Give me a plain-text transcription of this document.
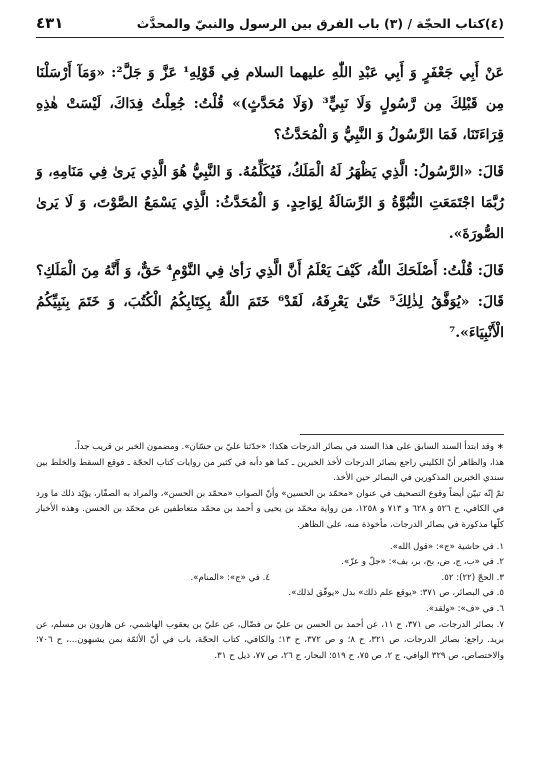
(٤)كتاب الحجّة / (٣) باب الفرق بين الرسول والنبيّ والمحدَّث
٤٣١

عَنْ أَبِي جَعْفَرٍ وَ أَبِي عَبْدِ اللّٰهِ عليهما السلام فِي قَوْلِهِ¹ عَزَّ وَ جَلَّ²: «وَمَآ أَرْسَلْنَا مِن قَبْلِكَ مِن رَّسُولٍ وَلَا نَبِيٍّ³ (وَلَا مُحَدَّثٍ)» قُلْتُ: جُعِلْتُ فِدَاكَ، لَيْسَتْ هٰذِهِ قِرَاءَتَنَا، فَمَا الرَّسُولُ وَ النَّبِيُّ وَ الْمُحَدَّثُ؟

قَالَ: «الرَّسُولُ: الَّذِي يَظْهَرُ لَهُ الْمَلَكُ، فَيُكَلِّمُهُ. وَ النَّبِيُّ هُوَ الَّذِي يَرىٰ فِي مَنَامِهِ، وَ رُبَّمَا اجْتَمَعَتِ النُّبُوَّةُ وَ الرِّسَالَةُ لِوَاحِدٍ. وَ الْمُحَدَّثُ: الَّذِي يَسْمَعُ الصَّوْتَ، وَ لَا يَرىٰ الصُّورَةَ».

قَالَ: قُلْتُ: أَصْلَحَكَ اللّٰهُ، كَيْفَ يَعْلَمُ أَنَّ الَّذِي رَأىٰ فِي النَّوْمِ⁴ حَقٌّ، وَ أَنَّهُ مِنَ الْمَلَكِ؟ قَالَ: «يُوَفَّقُ لِذٰلِكَ⁵ حَتّىٰ يَعْرِفَهُ، لَقَدْ⁶ خَتَمَ اللّٰهُ بِكِتَابِكُمُ الْكُتُبَ، وَ خَتَمَ بِنَبِيِّكُمُ الْأَنْبِيَاءَ».⁷

∗ وقد ابتدأ السند السابق على هذا السند في بصائر الدرجات هكذا: «حدّثنا عليّ بن حسّان». ومضمون الخبر بن قريب جداً.

هذا، والظاهر أنّ الكليني راجع بصائر الدرجات لأخذ الخبرين ـ كما هو دأبه في كثير من روايات كتاب الحجّة ـ فوقع السقط والخلط بين سندي الخبرين المذكورين في البصائر حين الأخذ.

ثمّ إنّه تبيّن أيضاً وقوع التصحيف في عنوان «محمّد بن الحسين» وأنّ الصواب «محمّد بن الحسن»، والمراد به الصفّار، يؤيّد ذلك ما ورد في الكافي، ح ٥٢٦ و ٦٢٨ و ٧١٣ و ١٢٥٨، من رواية محمّد بن يحيى و أحمد بن محمّد متعاطفين عن محمّد بن الحسن. وهذه الأخبار كلّها مذكورة في بصائر الدرجات، مأخوذة منه، على الظاهر.

١. في حاشية «ج»: «قول الله».

٢. في «ب، ج، ض، بح، بر، بف»: «جلّ و عزّ».

٣. الحجّ (٢٢): ٥٢.
٤. في «ج»: «المنام».

٥. في البصائر، ص ٣٧١: «يوقع علم ذلك» بدل «يوفّق لذلك».

٦. في «ف»: «ولقد».

٧. بصائر الدرجات، ص ٣٧١، ح ١١، عن أحمد بن الحسن بن عليّ بن فضّال، عن عليّ بن يعقوب الهاشمي، عن هارون بن مسلم، عن بريد. راجع: بصائر الدرجات، ص ٣٢١، ح ٨؛ و ص ٣٧٢، ح ١٣؛ والكافي، كتاب الحجّة، باب في أنّ الأئمّة بمن يشبهون...، ح ٧٠٦؛ والاختصاص، ص ٣٢٩ الوافي، ج ٢، ص ٧٥، ح ٥١٩؛ البحار، ج ٢٦، ص ٧٧، ذيل ح ٣١.
